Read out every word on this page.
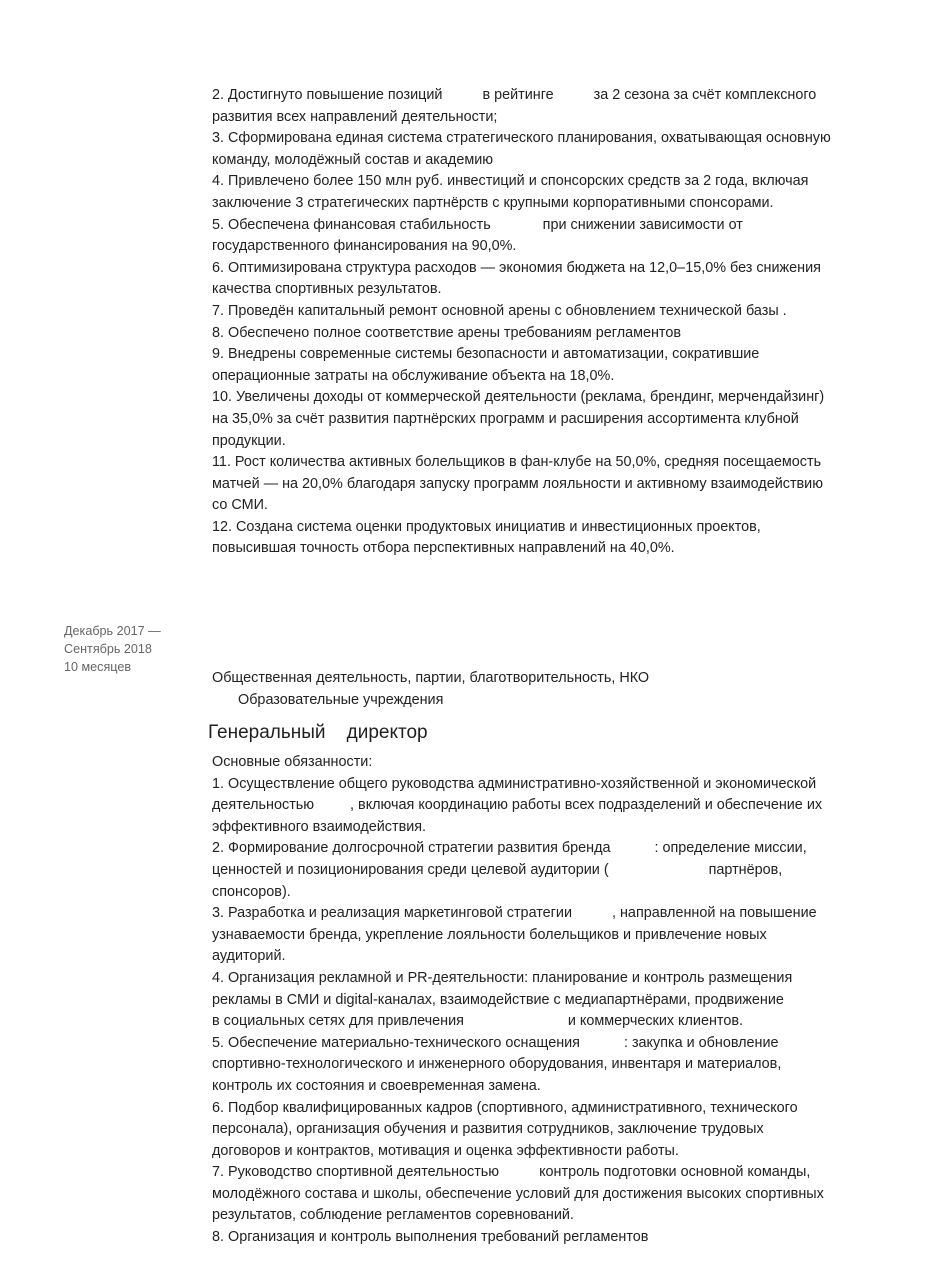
2. Достигнуто повышение позиций          в рейтинге          за 2 сезона за счёт комплексного
развития всех направлений деятельности;

3. Сформирована единая система стратегического планирования, охватывающая основную
команду, молодёжный состав и академию

4. Привлечено более 150 млн руб. инвестиций и спонсорских средств за 2 года, включая
заключение 3 стратегических партнёрств с крупными корпоративными спонсорами.

5. Обеспечена финансовая стабильность             при снижении зависимости от
государственного финансирования на 90,0%.

6. Оптимизирована структура расходов — экономия бюджета на 12,0–15,0% без снижения
качества спортивных результатов.

7. Проведён капитальный ремонт основной арены с обновлением технической базы .

8. Обеспечено полное соответствие арены требованиям регламентов

9. Внедрены современные системы безопасности и автоматизации, сократившие
операционные затраты на обслуживание объекта на 18,0%.

10. Увеличены доходы от коммерческой деятельности (реклама, брендинг, мерчендайзинг)
на 35,0% за счёт развития партнёрских программ и расширения ассортимента клубной
продукции.

11. Рост количества активных болельщиков в фан-клубе на 50,0%, средняя посещаемость
матчей — на 20,0% благодаря запуску программ лояльности и активному взаимодействию
со СМИ.

12. Создана система оценки продуктовых инициатив и инвестиционных проектов,
повысившая точность отбора перспективных направлений на 40,0%.

Декабрь 2017 —
Сентябрь 2018
10 месяцев
Общественная деятельность, партии, благотворительность, НКО
Образовательные учреждения
Генеральный    директор

Основные обязанности:

1. Осуществление общего руководства административно-хозяйственной и экономической
деятельностью         , включая координацию работы всех подразделений и обеспечение их
эффективного взаимодействия.

2. Формирование долгосрочной стратегии развития бренда           : определение миссии,
ценностей и позиционирования среди целевой аудитории (                         партнёров,
спонсоров).

3. Разработка и реализация маркетинговой стратегии          , направленной на повышение
узнаваемости бренда, укрепление лояльности болельщиков и привлечение новых
аудиторий.

4. Организация рекламной и PR-деятельности: планирование и контроль размещения
рекламы в СМИ и digital-каналах, взаимодействие с медиапартнёрами, продвижение
в социальных сетях для привлечения                          и коммерческих клиентов.

5. Обеспечение материально-технического оснащения           : закупка и обновление
спортивно-технологического и инженерного оборудования, инвентаря и материалов,
контроль их состояния и своевременная замена.

6. Подбор квалифицированных кадров (спортивного, административного, технического
персонала), организация обучения и развития сотрудников, заключение трудовых
договоров и контрактов, мотивация и оценка эффективности работы.

7. Руководство спортивной деятельностью          контроль подготовки основной команды,
молодёжного состава и школы, обеспечение условий для достижения высоких спортивных
результатов, соблюдение регламентов соревнований.

8. Организация и контроль выполнения требований регламентов
